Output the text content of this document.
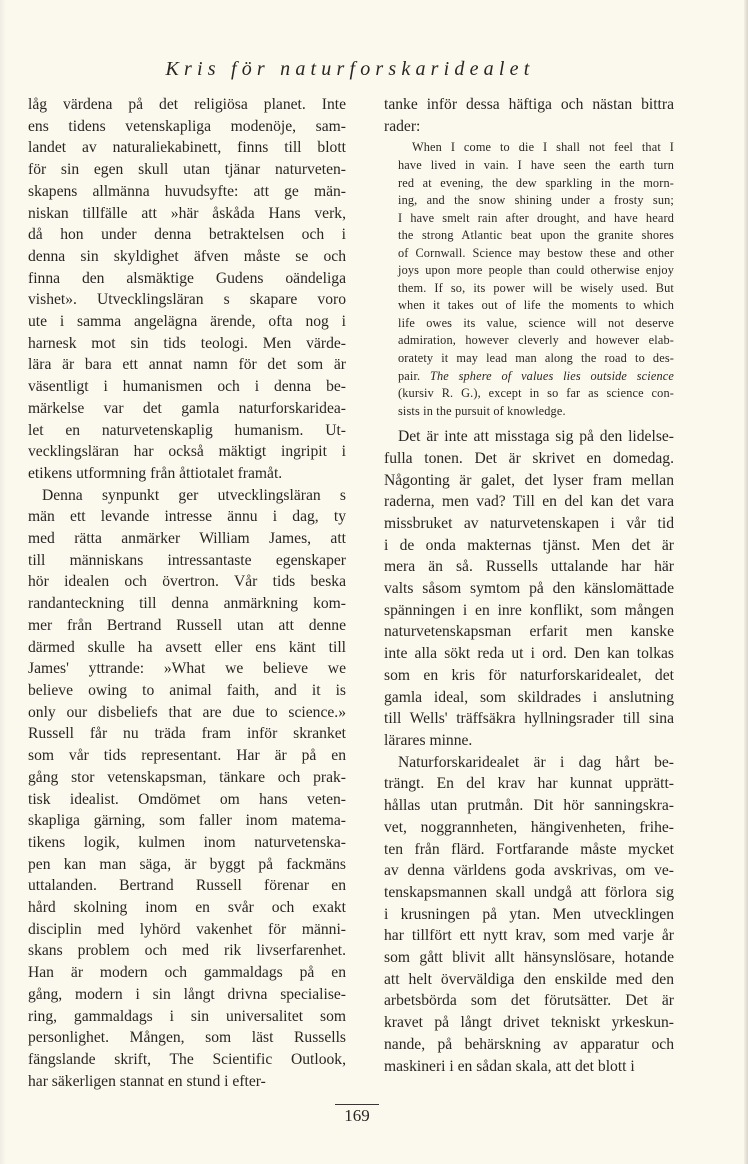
Kris för naturforskaridealet

låg värdena på det religiösa planet. Inte
ens tidens vetenskapliga modenöje, sam-
landet av naturaliekabinett, finns till blott
för sin egen skull utan tjänar naturveten-
skapens allmänna huvudsyfte: att ge män-
niskan tillfälle att »här åskåda Hans verk,
då hon under denna betraktelsen och i
denna sin skyldighet äfven måste se och
finna den alsmäktige Gudens oändeliga
vishet». Utvecklingsläran s skapare voro
ute i samma angelägna ärende, ofta nog i
harnesk mot sin tids teologi. Men värde-
lära är bara ett annat namn för det som är
väsentligt i humanismen och i denna be-
märkelse var det gamla naturforskaridea-
let en naturvetenskaplig humanism. Ut-
vecklingsläran har också mäktigt ingripit i
etikens utformning från åttiotalet framåt.

Denna synpunkt ger utvecklingsläran s
män ett levande intresse ännu i dag, ty
med rätta anmärker William James, att
till människans intressantaste egenskaper
hör idealen och övertron. Vår tids beska
randanteckning till denna anmärkning kom-
mer från Bertrand Russell utan att denne
därmed skulle ha avsett eller ens känt till
James' yttrande: »What we believe we
believe owing to animal faith, and it is
only our disbeliefs that are due to science.»
Russell får nu träda fram inför skranket
som vår tids representant. Har är på en
gång stor vetenskapsman, tänkare och prak-
tisk idealist. Omdömet om hans veten-
skapliga gärning, som faller inom matema-
tikens logik, kulmen inom naturvetenska-
pen kan man säga, är byggt på fackmäns
uttalanden. Bertrand Russell förenar en
hård skolning inom en svår och exakt
disciplin med lyhörd vakenhet för männi-
skans problem och med rik livserfarenhet.
Han är modern och gammaldags på en
gång, modern i sin långt drivna specialise-
ring, gammaldags i sin universalitet som
personlighet. Mången, som läst Russells
fängslande skrift, The Scientific Outlook,
har säkerligen stannat en stund i efter-

tanke inför dessa häftiga och nästan bittra
rader:

When I come to die I shall not feel that I
have lived in vain. I have seen the earth turn
red at evening, the dew sparkling in the morn-
ing, and the snow shining under a frosty sun;
I have smelt rain after drought, and have heard
the strong Atlantic beat upon the granite shores
of Cornwall. Science may bestow these and other
joys upon more people than could otherwise enjoy
them. If so, its power will be wisely used. But
when it takes out of life the moments to which
life owes its value, science will not deserve
admiration, however cleverly and however elab-
oratety it may lead man along the road to des-
pair. The sphere of values lies outside science
(kursiv R. G.), except in so far as science con-
sists in the pursuit of knowledge.

Det är inte att misstaga sig på den lidelse-
fulla tonen. Det är skrivet en domedag.
Någonting är galet, det lyser fram mellan
raderna, men vad? Till en del kan det vara
missbruket av naturvetenskapen i vår tid
i de onda makternas tjänst. Men det är
mera än så. Russells uttalande har här
valts såsom symtom på den känslomättade
spänningen i en inre konflikt, som mången
naturvetenskapsman erfarit men kanske
inte alla sökt reda ut i ord. Den kan tolkas
som en kris för naturforskaridealet, det
gamla ideal, som skildrades i anslutning
till Wells' träffsäkra hyllningsrader till sina
lärares minne.

Naturforskaridealet är i dag hårt be-
trängt. En del krav har kunnat upprätt-
hållas utan prutmån. Dit hör sanningskra-
vet, noggrannheten, hängivenheten, frihe-
ten från flärd. Fortfarande måste mycket
av denna världens goda avskrivas, om ve-
tenskapsmannen skall undgå att förlora sig
i krusningen på ytan. Men utvecklingen
har tillfört ett nytt krav, som med varje år
som gått blivit allt hänsynslösare, hotande
att helt överväldiga den enskilde med den
arbetsbörda som det förutsätter. Det är
kravet på långt drivet tekniskt yrkeskun-
nande, på behärskning av apparatur och
maskineri i en sådan skala, att det blott i

169
